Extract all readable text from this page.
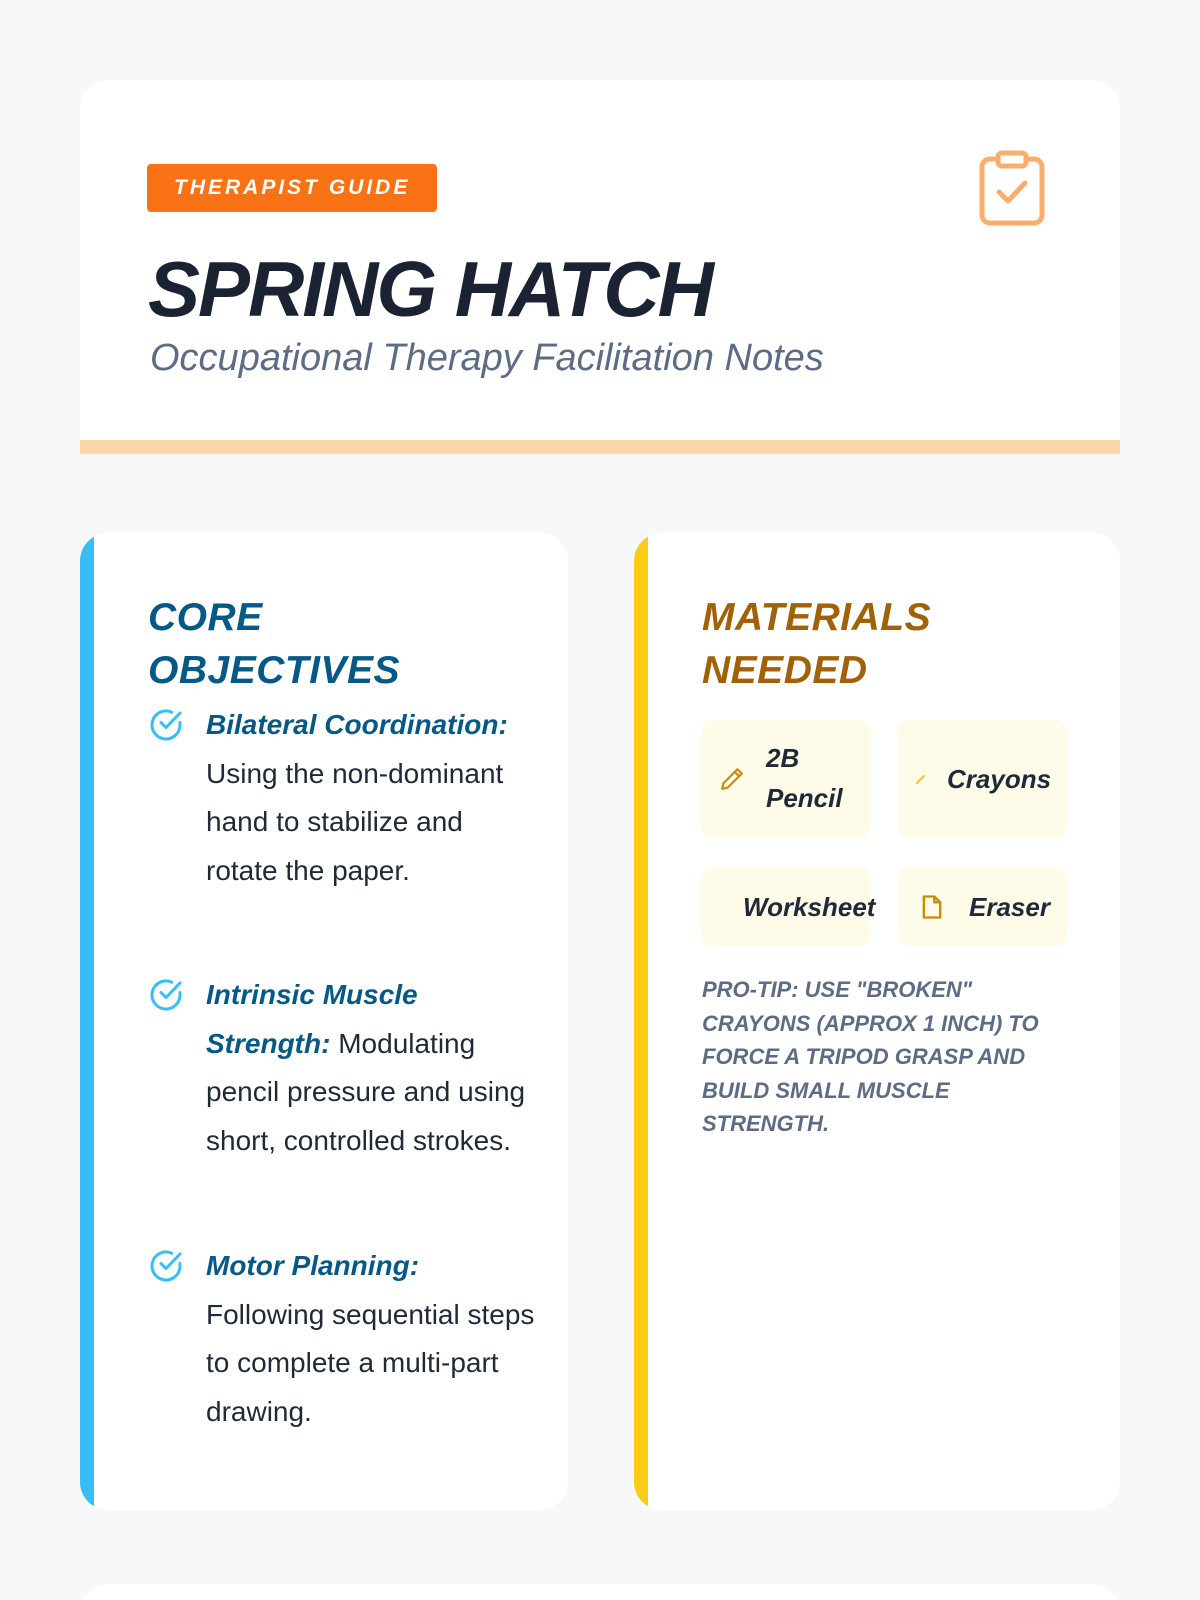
THERAPIST GUIDE
SPRING HATCH
Occupational Therapy Facilitation Notes
CORE
OBJECTIVES
Bilateral Coordination: Using the non-dominant hand to stabilize and rotate the paper.
Intrinsic Muscle Strength: Modulating pencil pressure and using short, controlled strokes.
Motor Planning: Following sequential steps to complete a multi-part drawing.
MATERIALS
NEEDED
2B
Pencil
Crayons
Worksheet	Eraser
PRO-TIP: USE "BROKEN" CRAYONS (APPROX 1 INCH) TO FORCE A TRIPOD GRASP AND BUILD SMALL MUSCLE STRENGTH.
